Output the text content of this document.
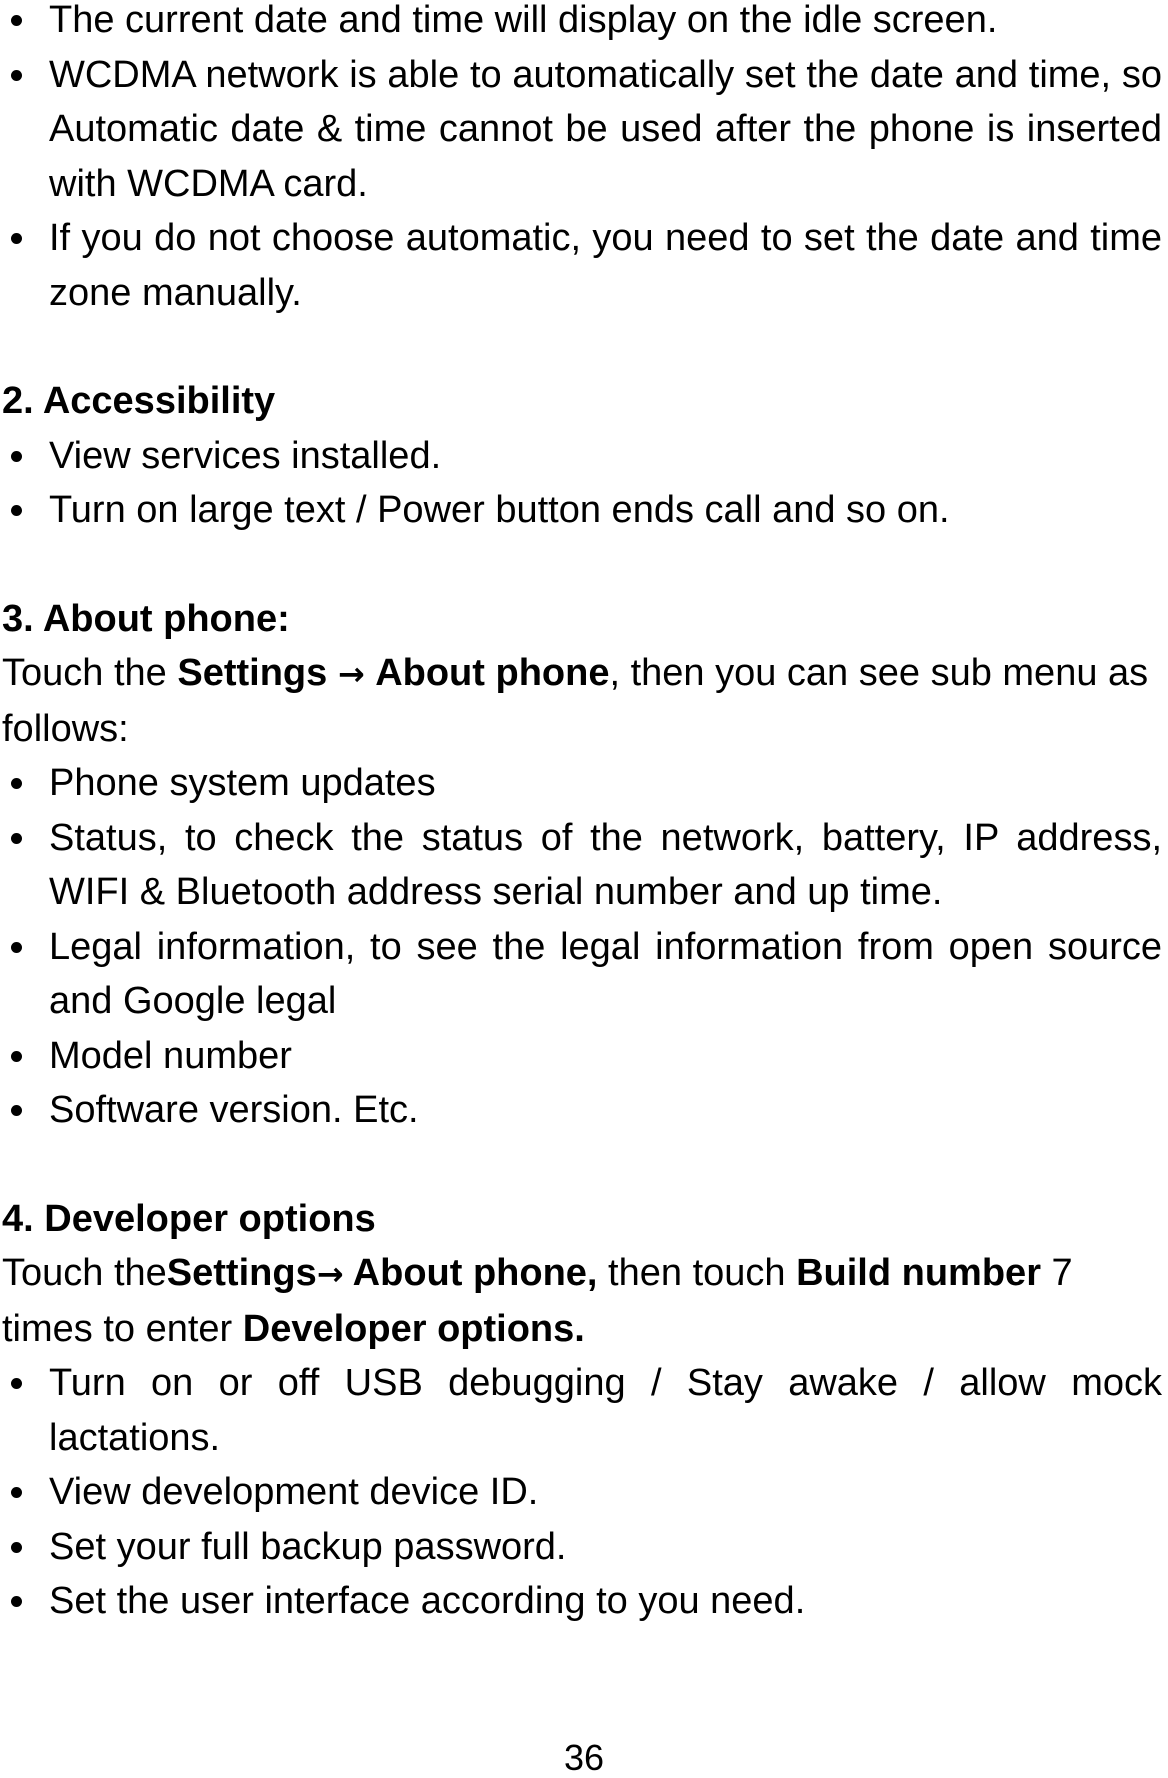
The current date and time will display on the idle screen.
WCDMA network is able to automatically set the date and time, so Automatic date & time cannot be used after the phone is inserted with WCDMA card.
If you do not choose automatic, you need to set the date and time zone manually.
2. Accessibility
View services installed.
Turn on large text / Power button ends call and so on.
3. About phone:

Touch the Settings → About phone, then you can see sub menu as follows:

Phone system updates
Status, to check the status of the network, battery, IP address, WIFI & Bluetooth address serial number and up time.
Legal information, to see the legal information from open source and Google legal
Model number
Software version. Etc.
4. Developer options

Touch theSettings→ About phone, then touch Build number 7 times to enter Developer options.

Turn on or off USB debugging / Stay awake / allow mock lactations.
View development device ID.
Set your full backup password.
Set the user interface according to you need.
36
